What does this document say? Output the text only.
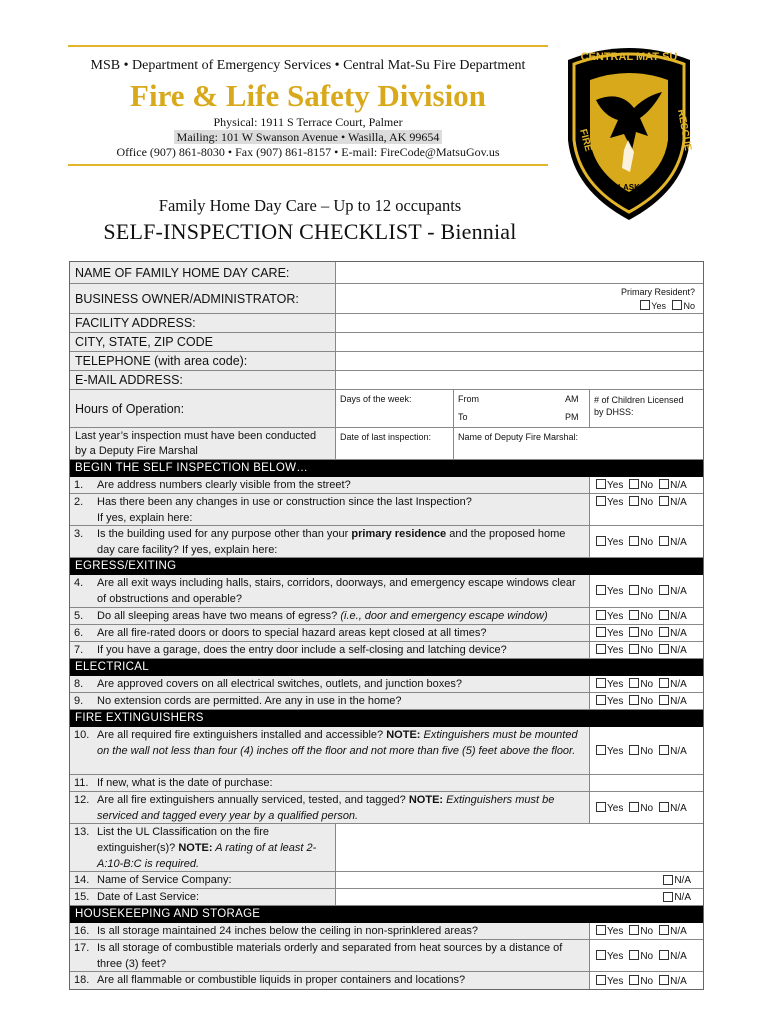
MSB • Department of Emergency Services • Central Mat-Su Fire Department
Fire & Life Safety Division
Physical: 1911 S Terrace Court, Palmer
Mailing: 101 W Swanson Avenue • Wasilla, AK 99654
Office (907) 861-8030 • Fax (907) 861-8157 • E-mail: FireCode@MatsuGov.us
CENTRAL MAT-SU
FIRE	RESCUE
ALASKA
Family Home Day Care – Up to 12 occupants
SELF-INSPECTION CHECKLIST - Biennial
NAME OF FAMILY HOME DAY CARE:
BUSINESS OWNER/ADMINISTRATOR:	Primary Resident?
Yes No
FACILITY ADDRESS:
CITY, STATE, ZIP CODE
TELEPHONE (with area code):
E-MAIL ADDRESS:
Hours of Operation:
Days of the week:	From	AM
To	PM
# of Children Licensed by DHSS:
Last year’s inspection must have been conducted by a Deputy Fire Marshal
Date of last inspection:	Name of Deputy Fire Marshal:
BEGIN THE SELF INSPECTION BELOW…
1.	Are address numbers clearly visible from the street?	Yes	No	N/A
2.	Has there been any changes in use or construction since the last Inspection?
If yes, explain here:
Yes	No	N/A
3.	Is the building used for any purpose other than your primary residence and the proposed home day care facility? If yes, explain here:
Yes	No	N/A
EGRESS/EXITING
4.	Are all exit ways including halls, stairs, corridors, doorways, and emergency escape windows clear of obstructions and operable?
Yes	No	N/A
5.	Do all sleeping areas have two means of egress? (i.e., door and emergency escape window)	Yes	No	N/A
6.	Are all fire-rated doors or doors to special hazard areas kept closed at all times?	Yes	No	N/A
7.	If you have a garage, does the entry door include a self-closing and latching device?	Yes	No	N/A
ELECTRICAL
8.	Are approved covers on all electrical switches, outlets, and junction boxes?	Yes	No	N/A
9.	No extension cords are permitted. Are any in use in the home?	Yes	No	N/A
FIRE EXTINGUISHERS
10. Are all required fire extinguishers installed and accessible? NOTE: Extinguishers must be mounted on the wall not less than four (4) inches off the floor and not more than five (5) feet above the floor.	Yes	No	N/A
11. If new, what is the date of purchase:
12. Are all fire extinguishers annually serviced, tested, and tagged? NOTE: Extinguishers must be serviced and tagged every year by a qualified person.
Yes	No	N/A
13. List the UL Classification on the fire extinguisher(s)? NOTE: A rating of at least 2-A:10-B:C is required.
14. Name of Service Company:	N/A
15. Date of Last Service:	N/A
HOUSEKEEPING AND STORAGE
16. Is all storage maintained 24 inches below the ceiling in non-sprinklered areas?	Yes	No	N/A
17. Is all storage of combustible materials orderly and separated from heat sources by a distance of three (3) feet?
Yes	No	N/A
18. Are all flammable or combustible liquids in proper containers and locations?	Yes	No	N/A
